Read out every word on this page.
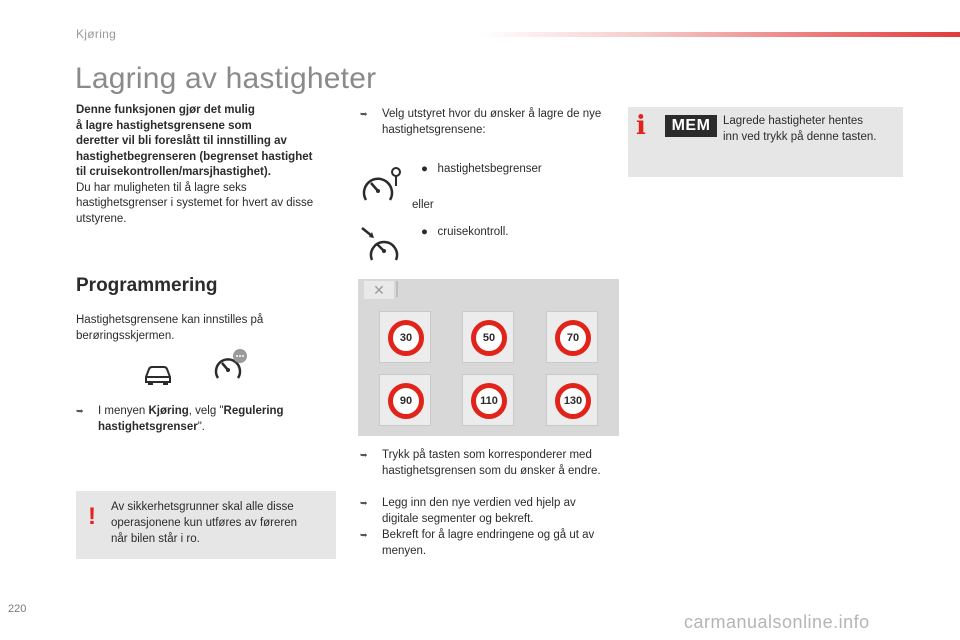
Kjøring
Lagring av hastigheter
Denne funksjonen gjør det mulig
å lagre hastighetsgrensene som
deretter vil bli foreslått til innstilling av
hastighetbegrenseren (begrenset hastighet
til cruisekontrollen/marsjhastighet).
Du har muligheten til å lagre seks
hastighetsgrenser i systemet for hvert av disse
utstyrene.
Programmering
Hastighetsgrensene kan innstilles på
berøringsskjermen.
➥ I menyen Kjøring, velg "Regulering
hastighetsgrenser".
! Av sikkerhetsgrunner skal alle disse
operasjonene kun utføres av føreren
når bilen står i ro.
➥ Velg utstyret hvor du ønsker å lagre de nye
hastighetsgrensene:
● hastighetsbegrenser
eller
● cruisekontroll.
✕
30	50	70
90	110	130
➥ Trykk på tasten som korresponderer med
hastighetsgrensen som du ønsker å endre.
➥ Legg inn den nye verdien ved hjelp av
digitale segmenter og bekreft.
➥ Bekreft for å lagre endringene og gå ut av
menyen.
i	MEM	Lagrede hastigheter hentes
inn ved trykk på denne tasten.
220
carmanualsonline.info
